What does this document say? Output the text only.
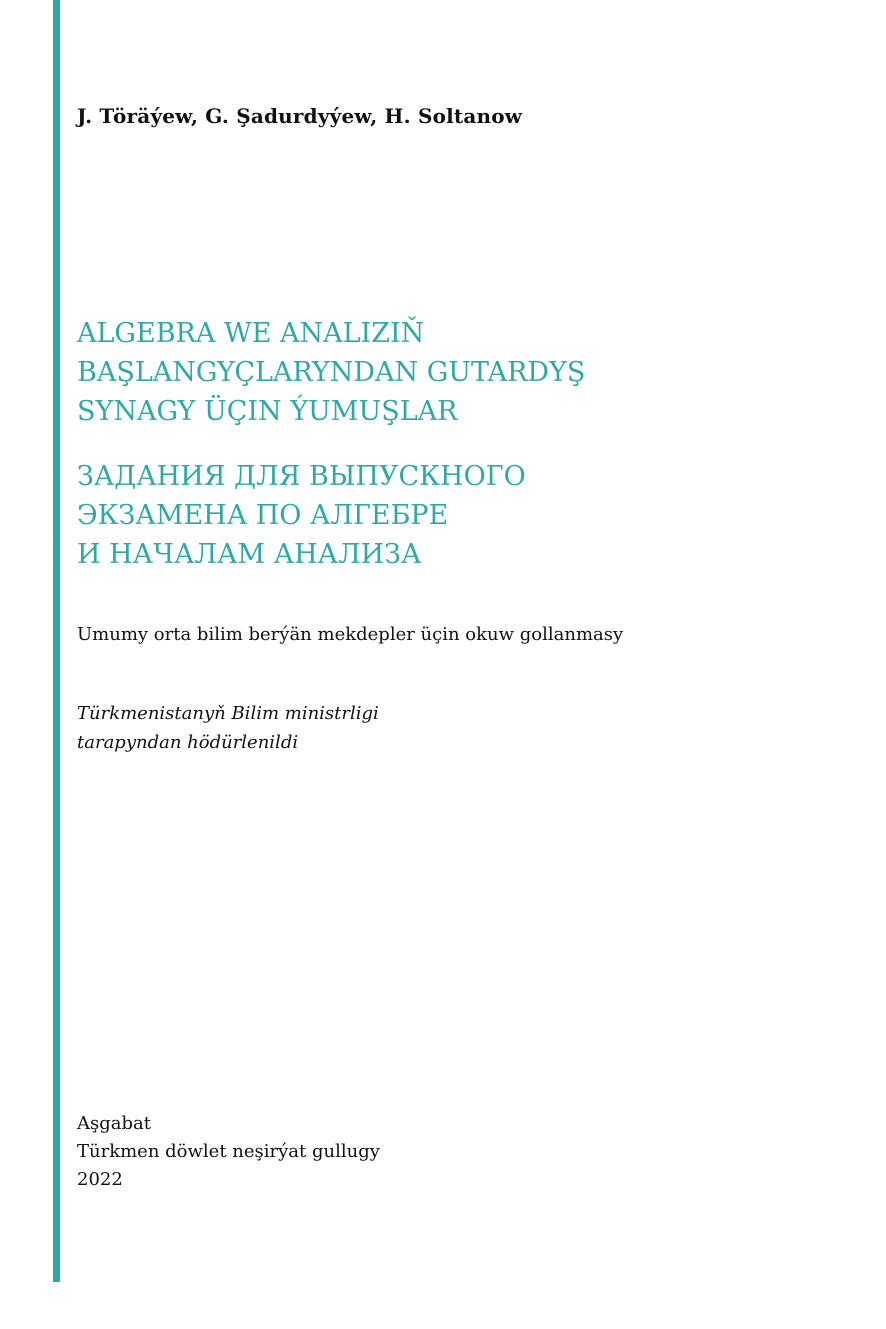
J. Töräýew, G. Şadurdyýew, H. Soltanow
ALGEBRA WE ANALIZIŇ
BAŞLANGYÇLARYNDAN GUTARDYŞ
SYNAGY ÜÇIN ÝUMUŞLAR
ЗАДАНИЯ ДЛЯ ВЫПУСКНОГО
ЭКЗАМЕНА ПО АЛГЕБРЕ
И НАЧАЛАМ АНАЛИЗА
Umumy orta bilim berýän mekdepler üçin okuw gollanmasy
Türkmenistanyň Bilim ministrligi
tarapyndan hödürlenildi
Aşgabat
Türkmen döwlet neşirýat gullugy
2022
